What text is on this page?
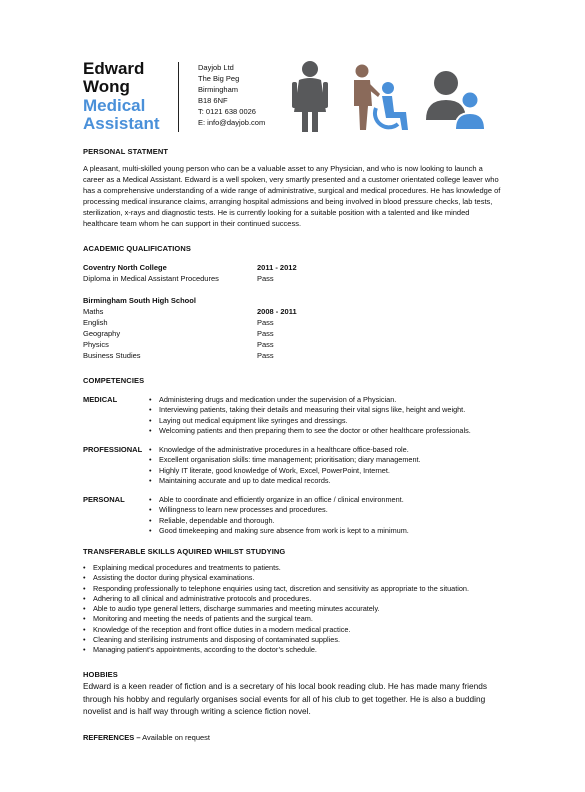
Edward
Wong
Medical
Assistant
Dayjob Ltd
The Big Peg
Birmingham
B18 6NF
T: 0121 638 0026
E: info@dayjob.com
PERSONAL STATMENT
A pleasant, multi-skilled young person who can be a valuable asset to any Physician, and who is now looking to launch a
career as a Medical Assistant. Edward is a well spoken, very smartly presented and a customer orientated college leaver who
has a comprehensive understanding of a wide range of administrative, surgical and medical procedures. He has knowledge of
processing medical insurance claims, arranging hospital admissions and being involved in blood pressure checks, lab tests,
sterilization, x-rays and diagnostic tests. He is currently looking for a suitable position with a talented and like minded
healthcare team whom he can support in their continued success.
ACADEMIC QUALIFICATIONS
Coventry North College	2011 - 2012
Diploma in Medical Assistant Procedures	Pass
Birmingham South High School
Maths	2008 - 2011
English	Pass
Geography	Pass
Physics	Pass
Business Studies	Pass
COMPETENCIES
MEDICAL	• Administering drugs and medication under the supervision of a Physician.
• Interviewing patients, taking their details and measuring their vital signs like, height and weight.
• Laying out medical equipment like syringes and dressings.
• Welcoming patients and then preparing them to see the doctor or other healthcare professionals.
PROFESSIONAL	• Knowledge of the administrative procedures in a healthcare office-based role.
• Excellent organisation skills: time management; prioritisation; diary management.
• Highly IT literate, good knowledge of Work, Excel, PowerPoint, Internet.
• Maintaining accurate and up to date medical records.
PERSONAL	• Able to coordinate and efficiently organize in an office / clinical environment.
• Willingness to learn new processes and procedures.
• Reliable, dependable and thorough.
• Good timekeeping and making sure absence from work is kept to a minimum.
TRANSFERABLE SKILLS AQUIRED WHILST STUDYING
• Explaining medical procedures and treatments to patients.
• Assisting the doctor during physical examinations.
• Responding professionally to telephone enquiries using tact, discretion and sensitivity as appropriate to the situation.
• Adhering to all clinical and administrative protocols and procedures.
• Able to audio type general letters, discharge summaries and meeting minutes accurately.
• Monitoring and meeting the needs of patients and the surgical team.
• Knowledge of the reception and front office duties in a modern medical practice.
• Cleaning and sterilising instruments and disposing of contaminated supplies.
• Managing patient’s appointments, according to the doctor’s schedule.
HOBBIES
Edward is a keen reader of fiction and is a secretary of his local book reading club. He has made many friends
through his hobby and regularly organises social events for all of his club to get together. He is also a budding
novelist and is half way through writing a science fiction novel.
REFERENCES – Available on request
